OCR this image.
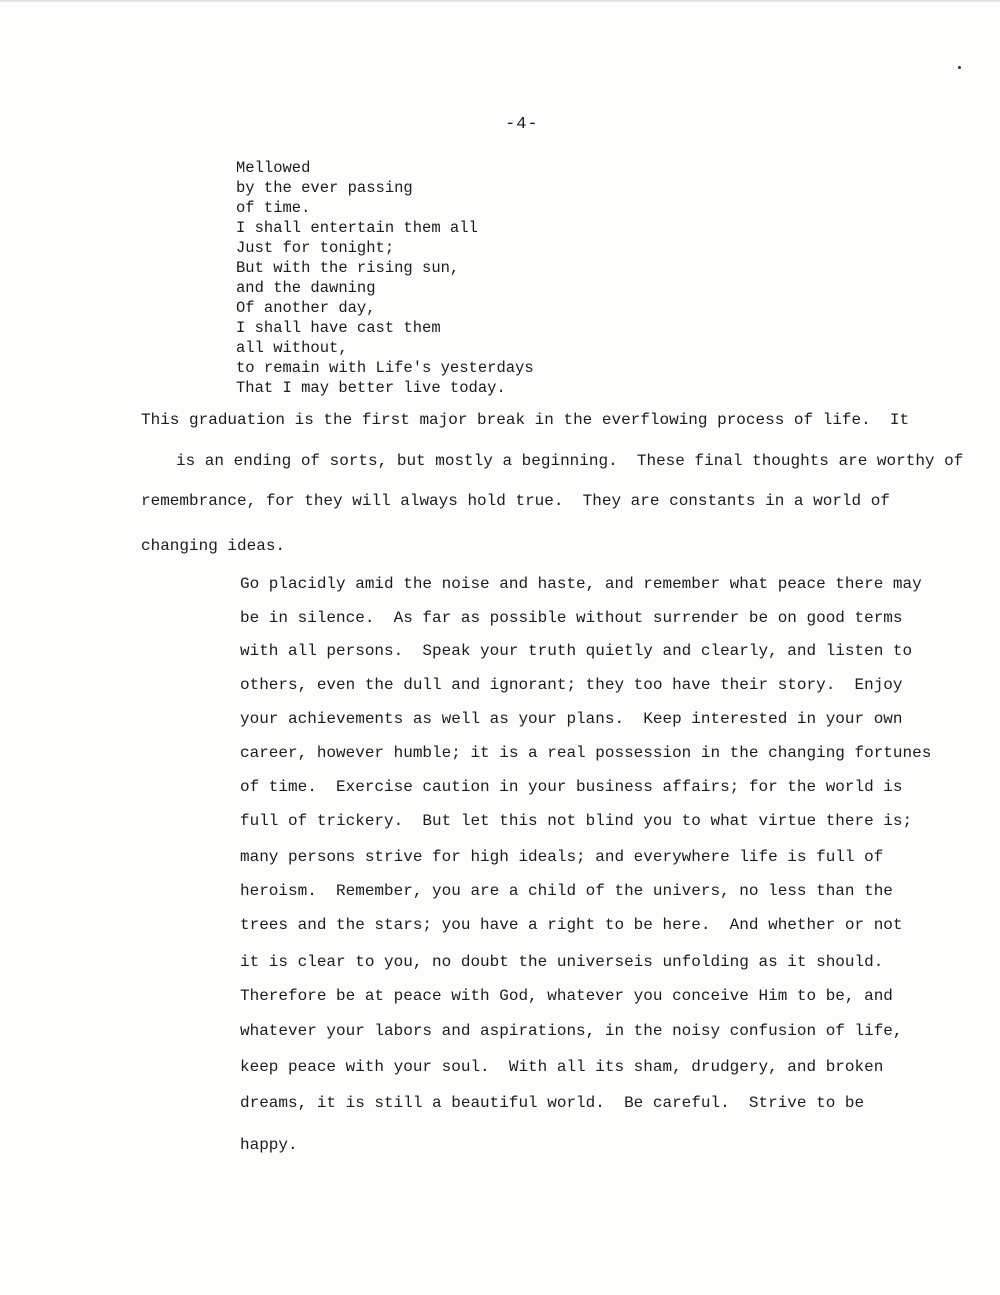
-4-
Mellowed
by the ever passing
of time.
I shall entertain them all
Just for tonight;
But with the rising sun,
and the dawning
Of another day,
I shall have cast them
all without,
to remain with Life's yesterdays
That I may better live today.
This graduation is the first major break in the everflowing process of life.  It
is an ending of sorts, but mostly a beginning.  These final thoughts are worthy of
remembrance, for they will always hold true.  They are constants in a world of
changing ideas.
Go placidly amid the noise and haste, and remember what peace there may
be in silence.  As far as possible without surrender be on good terms
with all persons.  Speak your truth quietly and clearly, and listen to
others, even the dull and ignorant; they too have their story.  Enjoy
your achievements as well as your plans.  Keep interested in your own
career, however humble; it is a real possession in the changing fortunes
of time.  Exercise caution in your business affairs; for the world is
full of trickery.  But let this not blind you to what virtue there is;
many persons strive for high ideals; and everywhere life is full of
heroism.  Remember, you are a child of the univers, no less than the
trees and the stars; you have a right to be here.  And whether or not
it is clear to you, no doubt the universeis unfolding as it should.
Therefore be at peace with God, whatever you conceive Him to be, and
whatever your labors and aspirations, in the noisy confusion of life,
keep peace with your soul.  With all its sham, drudgery, and broken
dreams, it is still a beautiful world.  Be careful.  Strive to be
happy.
